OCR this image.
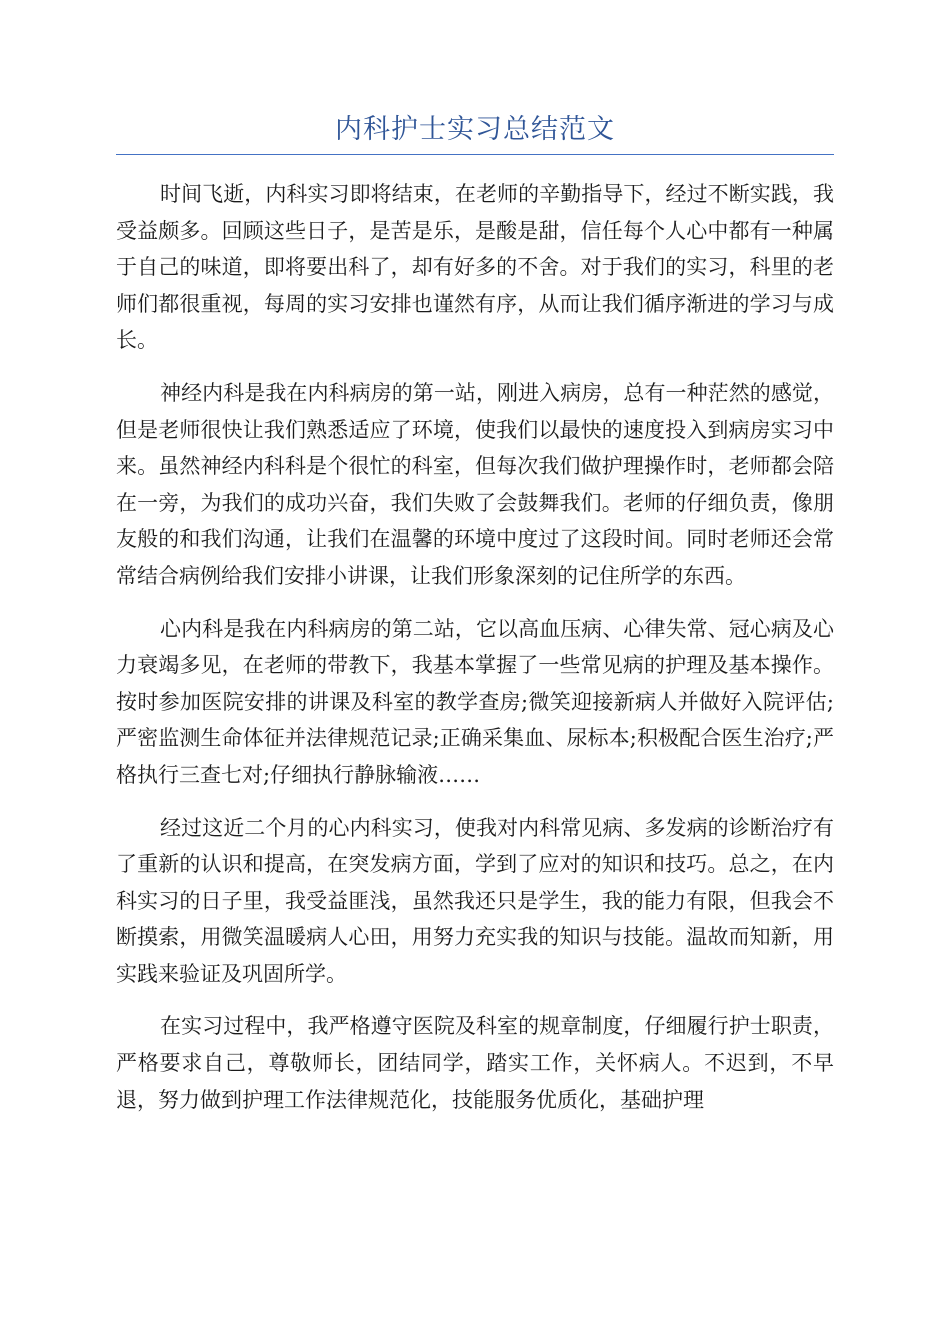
内科护士实习总结范文

时间飞逝，内科实习即将结束，在老师的辛勤指导下，经过不断实践，我受益颇多。回顾这些日子，是苦是乐，是酸是甜，信任每个人心中都有一种属于自己的味道，即将要出科了，却有好多的不舍。对于我们的实习，科里的老师们都很重视，每周的实习安排也谨然有序，从而让我们循序渐进的学习与成长。

神经内科是我在内科病房的第一站，刚进入病房，总有一种茫然的感觉，但是老师很快让我们熟悉适应了环境，使我们以最快的速度投入到病房实习中来。虽然神经内科科是个很忙的科室，但每次我们做护理操作时，老师都会陪在一旁，为我们的成功兴奋，我们失败了会鼓舞我们。老师的仔细负责，像朋友般的和我们沟通，让我们在温馨的环境中度过了这段时间。同时老师还会常常结合病例给我们安排小讲课，让我们形象深刻的记住所学的东西。

心内科是我在内科病房的第二站，它以高血压病、心律失常、冠心病及心力衰竭多见，在老师的带教下，我基本掌握了一些常见病的护理及基本操作。按时参加医院安排的讲课及科室的教学查房;微笑迎接新病人并做好入院评估;严密监测生命体征并法律规范记录;正确采集血、尿标本;积极配合医生治疗;严格执行三查七对;仔细执行静脉输液……

经过这近二个月的心内科实习，使我对内科常见病、多发病的诊断治疗有了重新的认识和提高，在突发病方面，学到了应对的知识和技巧。总之，在内科实习的日子里，我受益匪浅，虽然我还只是学生，我的能力有限，但我会不断摸索，用微笑温暖病人心田，用努力充实我的知识与技能。温故而知新，用实践来验证及巩固所学。

在实习过程中，我严格遵守医院及科室的规章制度，仔细履行护士职责，严格要求自己，尊敬师长，团结同学，踏实工作，关怀病人。不迟到，不早退，努力做到护理工作法律规范化，技能服务优质化，基础护理
